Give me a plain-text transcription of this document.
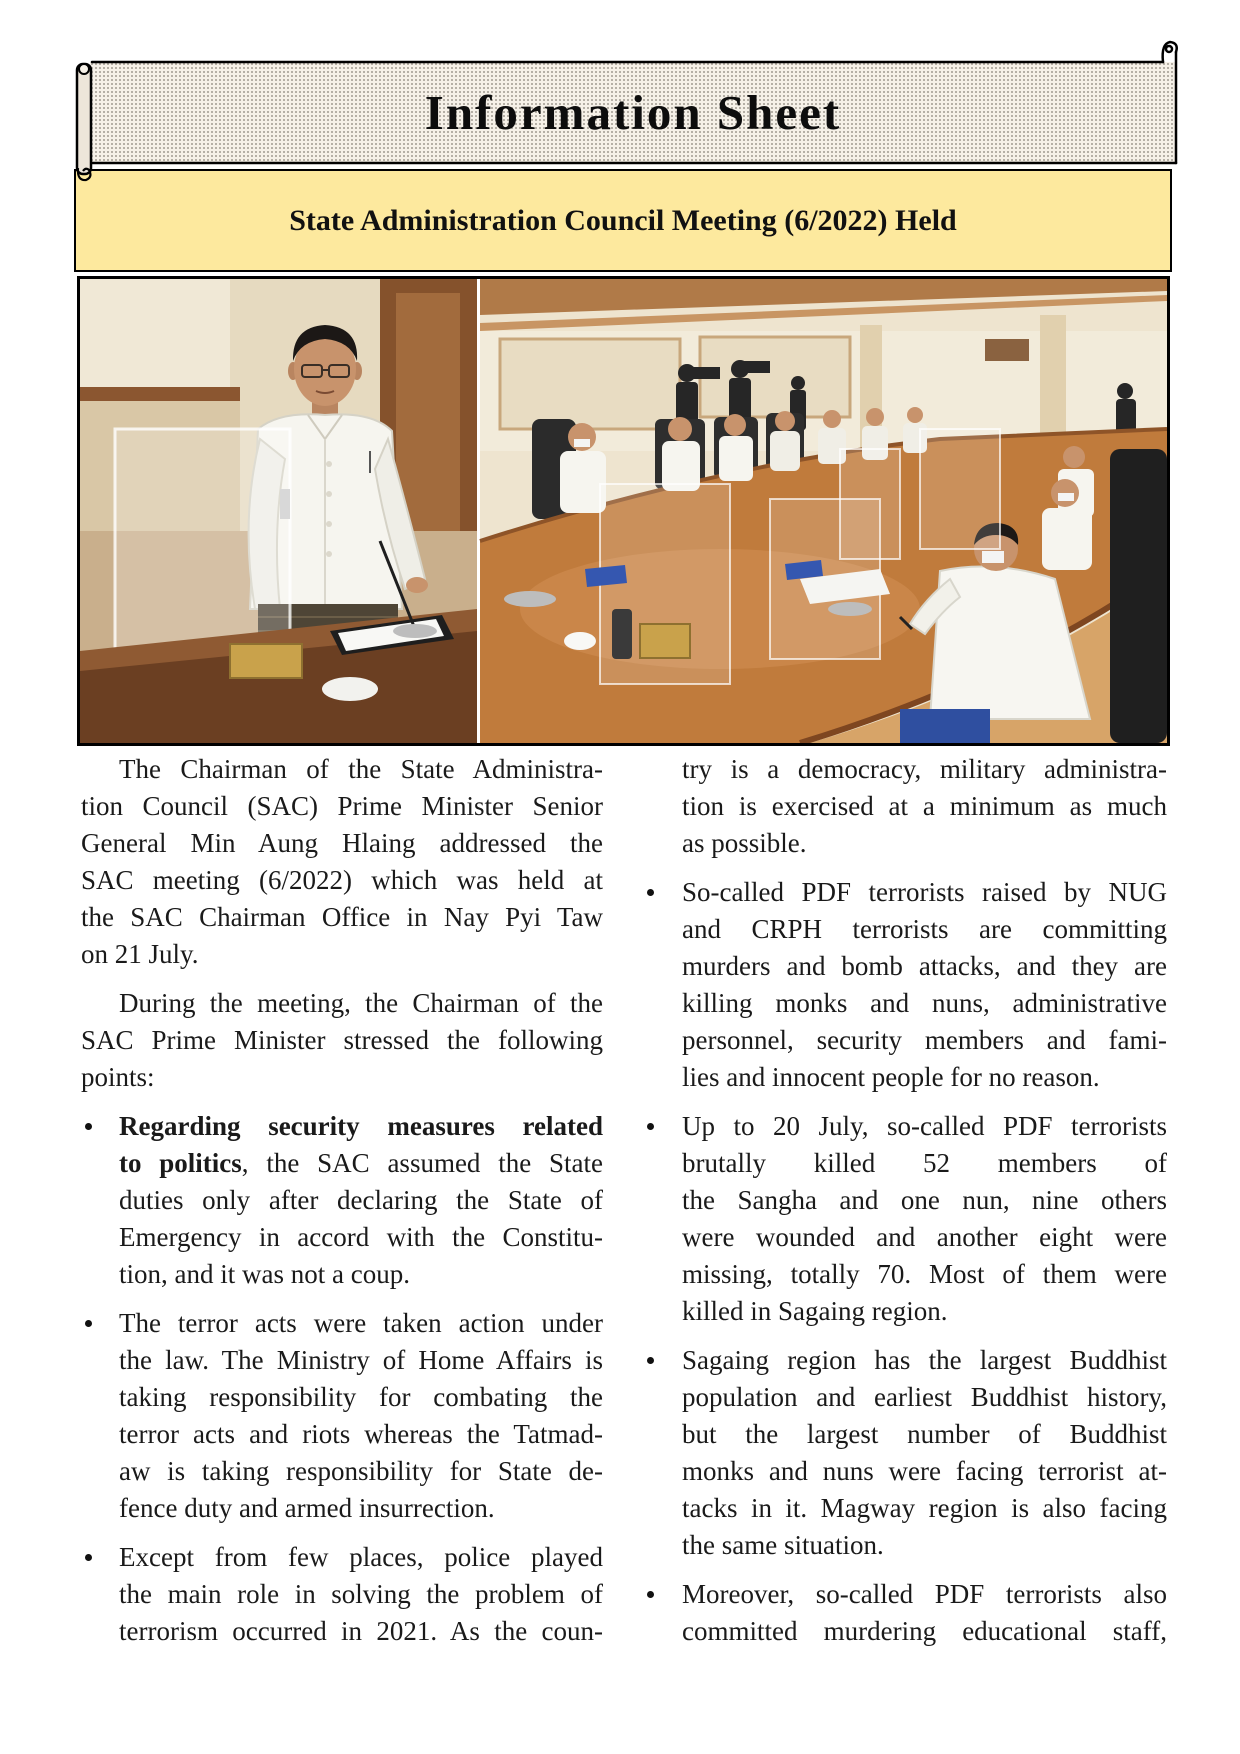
Information Sheet
State Administration Council Meeting (6/2022) Held
The Chairman of the State Administra-
tion Council (SAC) Prime Minister Senior
General Min Aung Hlaing addressed the
SAC meeting (6/2022) which was held at
the SAC Chairman Office in Nay Pyi Taw
on 21 July.
During the meeting, the Chairman of the
SAC Prime Minister stressed the following
points:
Regarding security measures related
to politics, the SAC assumed the State
duties only after declaring the State of
Emergency in accord with the Constitu-
tion, and it was not a coup.
The terror acts were taken action under
the law. The Ministry of Home Affairs is
taking responsibility for combating the
terror acts and riots whereas the Tatmad-
aw is taking responsibility for State de-
fence duty and armed insurrection.
Except from few places, police played
the main role in solving the problem of
terrorism occurred in 2021. As the coun-
try is a democracy, military administra-
tion is exercised at a minimum as much
as possible.
So-called PDF terrorists raised by NUG
and CRPH terrorists are committing
murders and bomb attacks, and they are
killing monks and nuns, administrative
personnel, security members and fami-
lies and innocent people for no reason.
Up to 20 July, so-called PDF terrorists
brutally killed 52 members of
the Sangha and one nun, nine others
were wounded and another eight were
missing, totally 70. Most of them were
killed in Sagaing region.
Sagaing region has the largest Buddhist
population and earliest Buddhist history,
but the largest number of Buddhist
monks and nuns were facing terrorist at-
tacks in it. Magway region is also facing
the same situation.
Moreover, so-called PDF terrorists also
committed murdering educational staff,
